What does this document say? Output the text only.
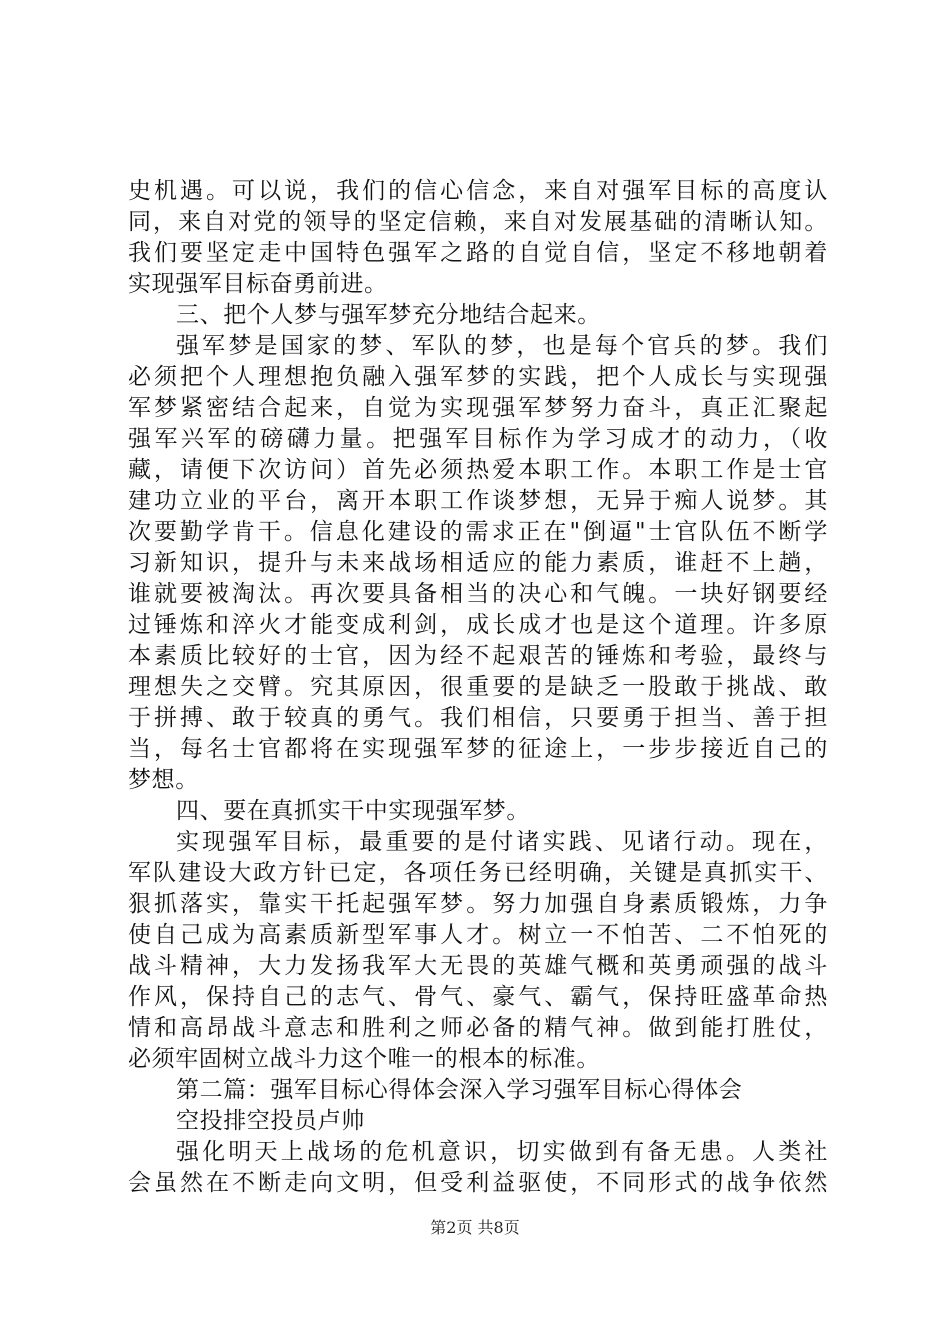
史机遇。可以说，我们的信心信念，来自对强军目标的高度认
同，来自对党的领导的坚定信赖，来自对发展基础的清晰认知。
我们要坚定走中国特色强军之路的自觉自信，坚定不移地朝着
实现强军目标奋勇前进。
三、把个人梦与强军梦充分地结合起来。
强军梦是国家的梦、军队的梦，也是每个官兵的梦。我们
必须把个人理想抱负融入强军梦的实践，把个人成长与实现强
军梦紧密结合起来，自觉为实现强军梦努力奋斗，真正汇聚起
强军兴军的磅礴力量。把强军目标作为学习成才的动力，（收
藏，请便下次访问）首先必须热爱本职工作。本职工作是士官
建功立业的平台，离开本职工作谈梦想，无异于痴人说梦。其
次要勤学肯干。信息化建设的需求正在"倒逼"士官队伍不断学
习新知识，提升与未来战场相适应的能力素质，谁赶不上趟，
谁就要被淘汰。再次要具备相当的决心和气魄。一块好钢要经
过锤炼和淬火才能变成利剑，成长成才也是这个道理。许多原
本素质比较好的士官，因为经不起艰苦的锤炼和考验，最终与
理想失之交臂。究其原因，很重要的是缺乏一股敢于挑战、敢
于拼搏、敢于较真的勇气。我们相信，只要勇于担当、善于担
当，每名士官都将在实现强军梦的征途上，一步步接近自己的
梦想。
四、要在真抓实干中实现强军梦。
实现强军目标，最重要的是付诸实践、见诸行动。现在，
军队建设大政方针已定，各项任务已经明确，关键是真抓实干、
狠抓落实，靠实干托起强军梦。努力加强自身素质锻炼，力争
使自己成为高素质新型军事人才。树立一不怕苦、二不怕死的
战斗精神，大力发扬我军大无畏的英雄气概和英勇顽强的战斗
作风，保持自己的志气、骨气、豪气、霸气，保持旺盛革命热
情和高昂战斗意志和胜利之师必备的精气神。做到能打胜仗，
必须牢固树立战斗力这个唯一的根本的标准。
第二篇：强军目标心得体会深入学习强军目标心得体会
空投排空投员卢帅
强化明天上战场的危机意识，切实做到有备无患。人类社
会虽然在不断走向文明，但受利益驱使，不同形式的战争依然
第2页 共8页
